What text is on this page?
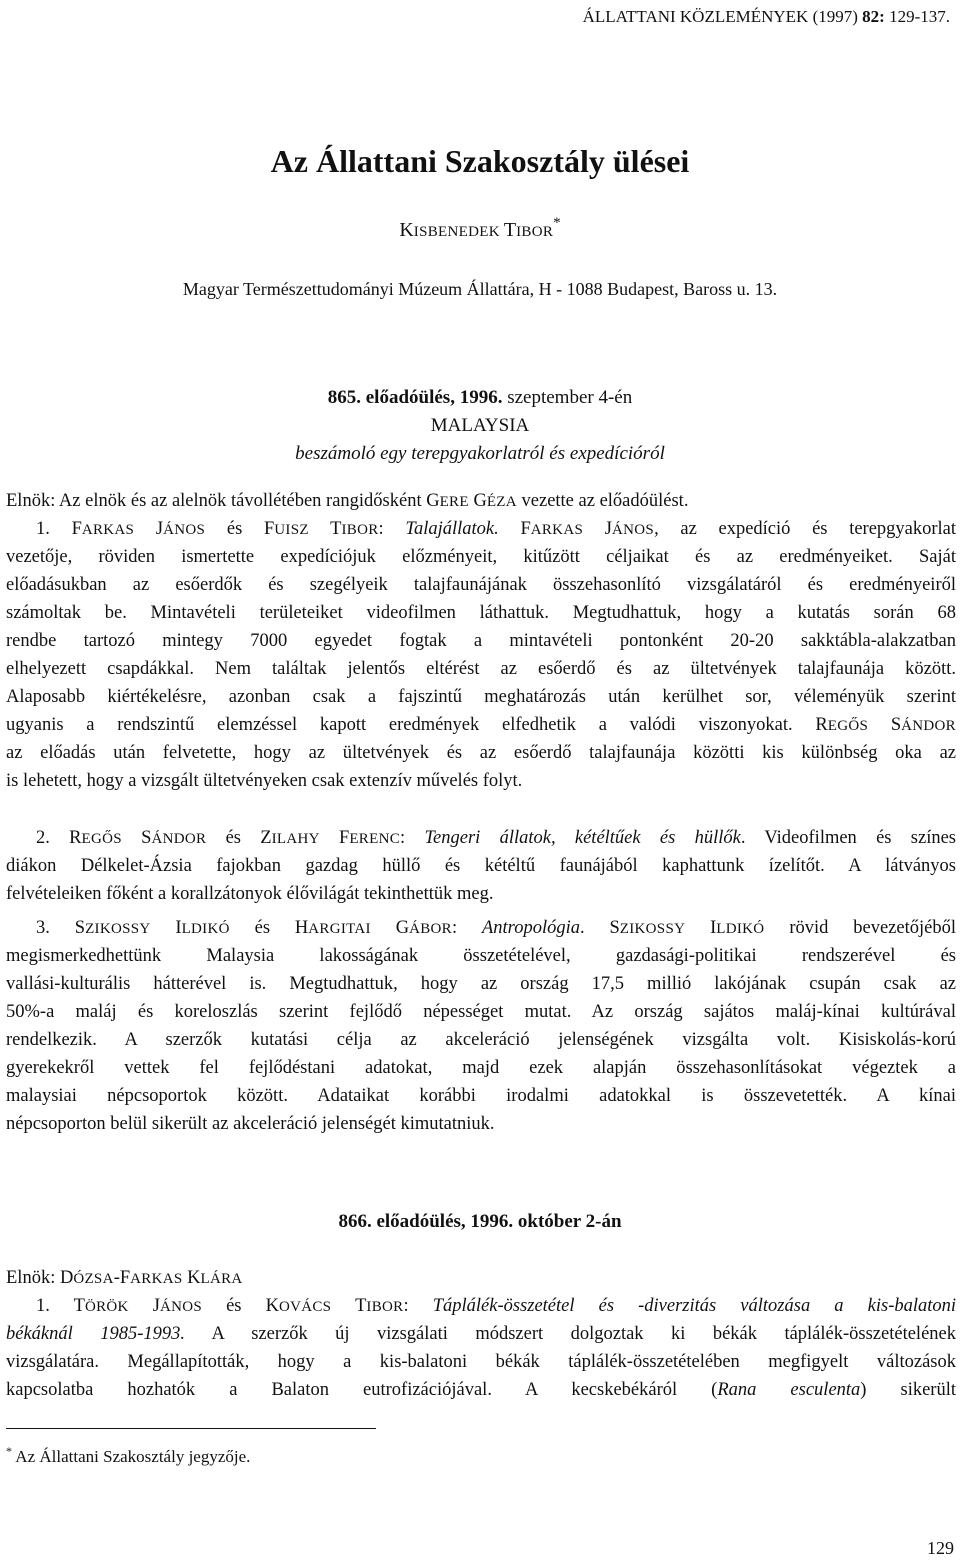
ÁLLATTANI KÖZLEMÉNYEK (1997) 82: 129-137.
Az Állattani Szakosztály ülései
KISBENEDEK TIBOR*
Magyar Természettudományi Múzeum Állattára, H - 1088 Budapest, Baross u. 13.
865. előadóülés, 1996. szeptember 4-én
MALAYSIA
beszámoló egy terepgyakorlatról és expedícióról
Elnök: Az elnök és az alelnök távollétében rangidősként GERE GÉZA vezette az előadóülést.
1. FARKAS JÁNOS és FUISZ TIBOR: Talajállatok. FARKAS JÁNOS, az expedíció és terepgyakorlat
vezetője, röviden ismertette expedíciójuk előzményeit, kitűzött céljaikat és az eredményeiket. Saját
előadásukban az esőerdők és szegélyeik talajfaunájának összehasonlító vizsgálatáról és eredményeiről
számoltak be. Mintavételi területeiket videofilmen láthattuk. Megtudhattuk, hogy a kutatás során 68
rendbe tartozó mintegy 7000 egyedet fogtak a mintavételi pontonként 20-20 sakktábla-alakzatban
elhelyezett csapdákkal. Nem találtak jelentős eltérést az esőerdő és az ültetvények talajfaunája között.
Alaposabb kiértékelésre, azonban csak a fajszintű meghatározás után kerülhet sor, véleményük szerint
ugyanis a rendszintű elemzéssel kapott eredmények elfedhetik a valódi viszonyokat. REGŐS SÁNDOR
az előadás után felvetette, hogy az ültetvények és az esőerdő talajfaunája közötti kis különbség oka az
is lehetett, hogy a vizsgált ültetvényeken csak extenzív művelés folyt.
2. REGŐS SÁNDOR és ZILAHY FERENC: Tengeri állatok, kétéltűek és hüllők. Videofilmen és színes
diákon Délkelet-Ázsia fajokban gazdag hüllő és kétéltű faunájából kaphattunk ízelítőt. A látványos
felvételeiken főként a korallzátonyok élővilágát tekinthettük meg.
3. SZIKOSSY ILDIKÓ és HARGITAI GÁBOR: Antropológia. SZIKOSSY ILDIKÓ rövid bevezetőjéből
megismerkedhettünk Malaysia lakosságának összetételével, gazdasági-politikai rendszerével és
vallási-kulturális hátterével is. Megtudhattuk, hogy az ország 17,5 millió lakójának csupán csak az
50%-a maláj és koreloszlás szerint fejlődő népességet mutat. Az ország sajátos maláj-kínai kultúrával
rendelkezik. A szerzők kutatási célja az akceleráció jelenségének vizsgálta volt. Kisiskolás-korú
gyerekekről vettek fel fejlődéstani adatokat, majd ezek alapján összehasonlításokat végeztek a
malaysiai népcsoportok között. Adataikat korábbi irodalmi adatokkal is összevetették. A kínai
népcsoporton belül sikerült az akceleráció jelenségét kimutatniuk.
866. előadóülés, 1996. október 2-án
Elnök: DÓZSA-FARKAS KLÁRA
1. TÖRÖK JÁNOS és KOVÁCS TIBOR: Táplálék-összetétel és -diverzitás változása a kis-balatoni
békáknál 1985-1993. A szerzők új vizsgálati módszert dolgoztak ki békák táplálék-összetételének
vizsgálatára. Megállapították, hogy a kis-balatoni békák táplálék-összetételében megfigyelt változások
kapcsolatba hozhatók a Balaton eutrofizációjával. A kecskebékáról (Rana esculenta) sikerült
* Az Állattani Szakosztály jegyzője.
129
